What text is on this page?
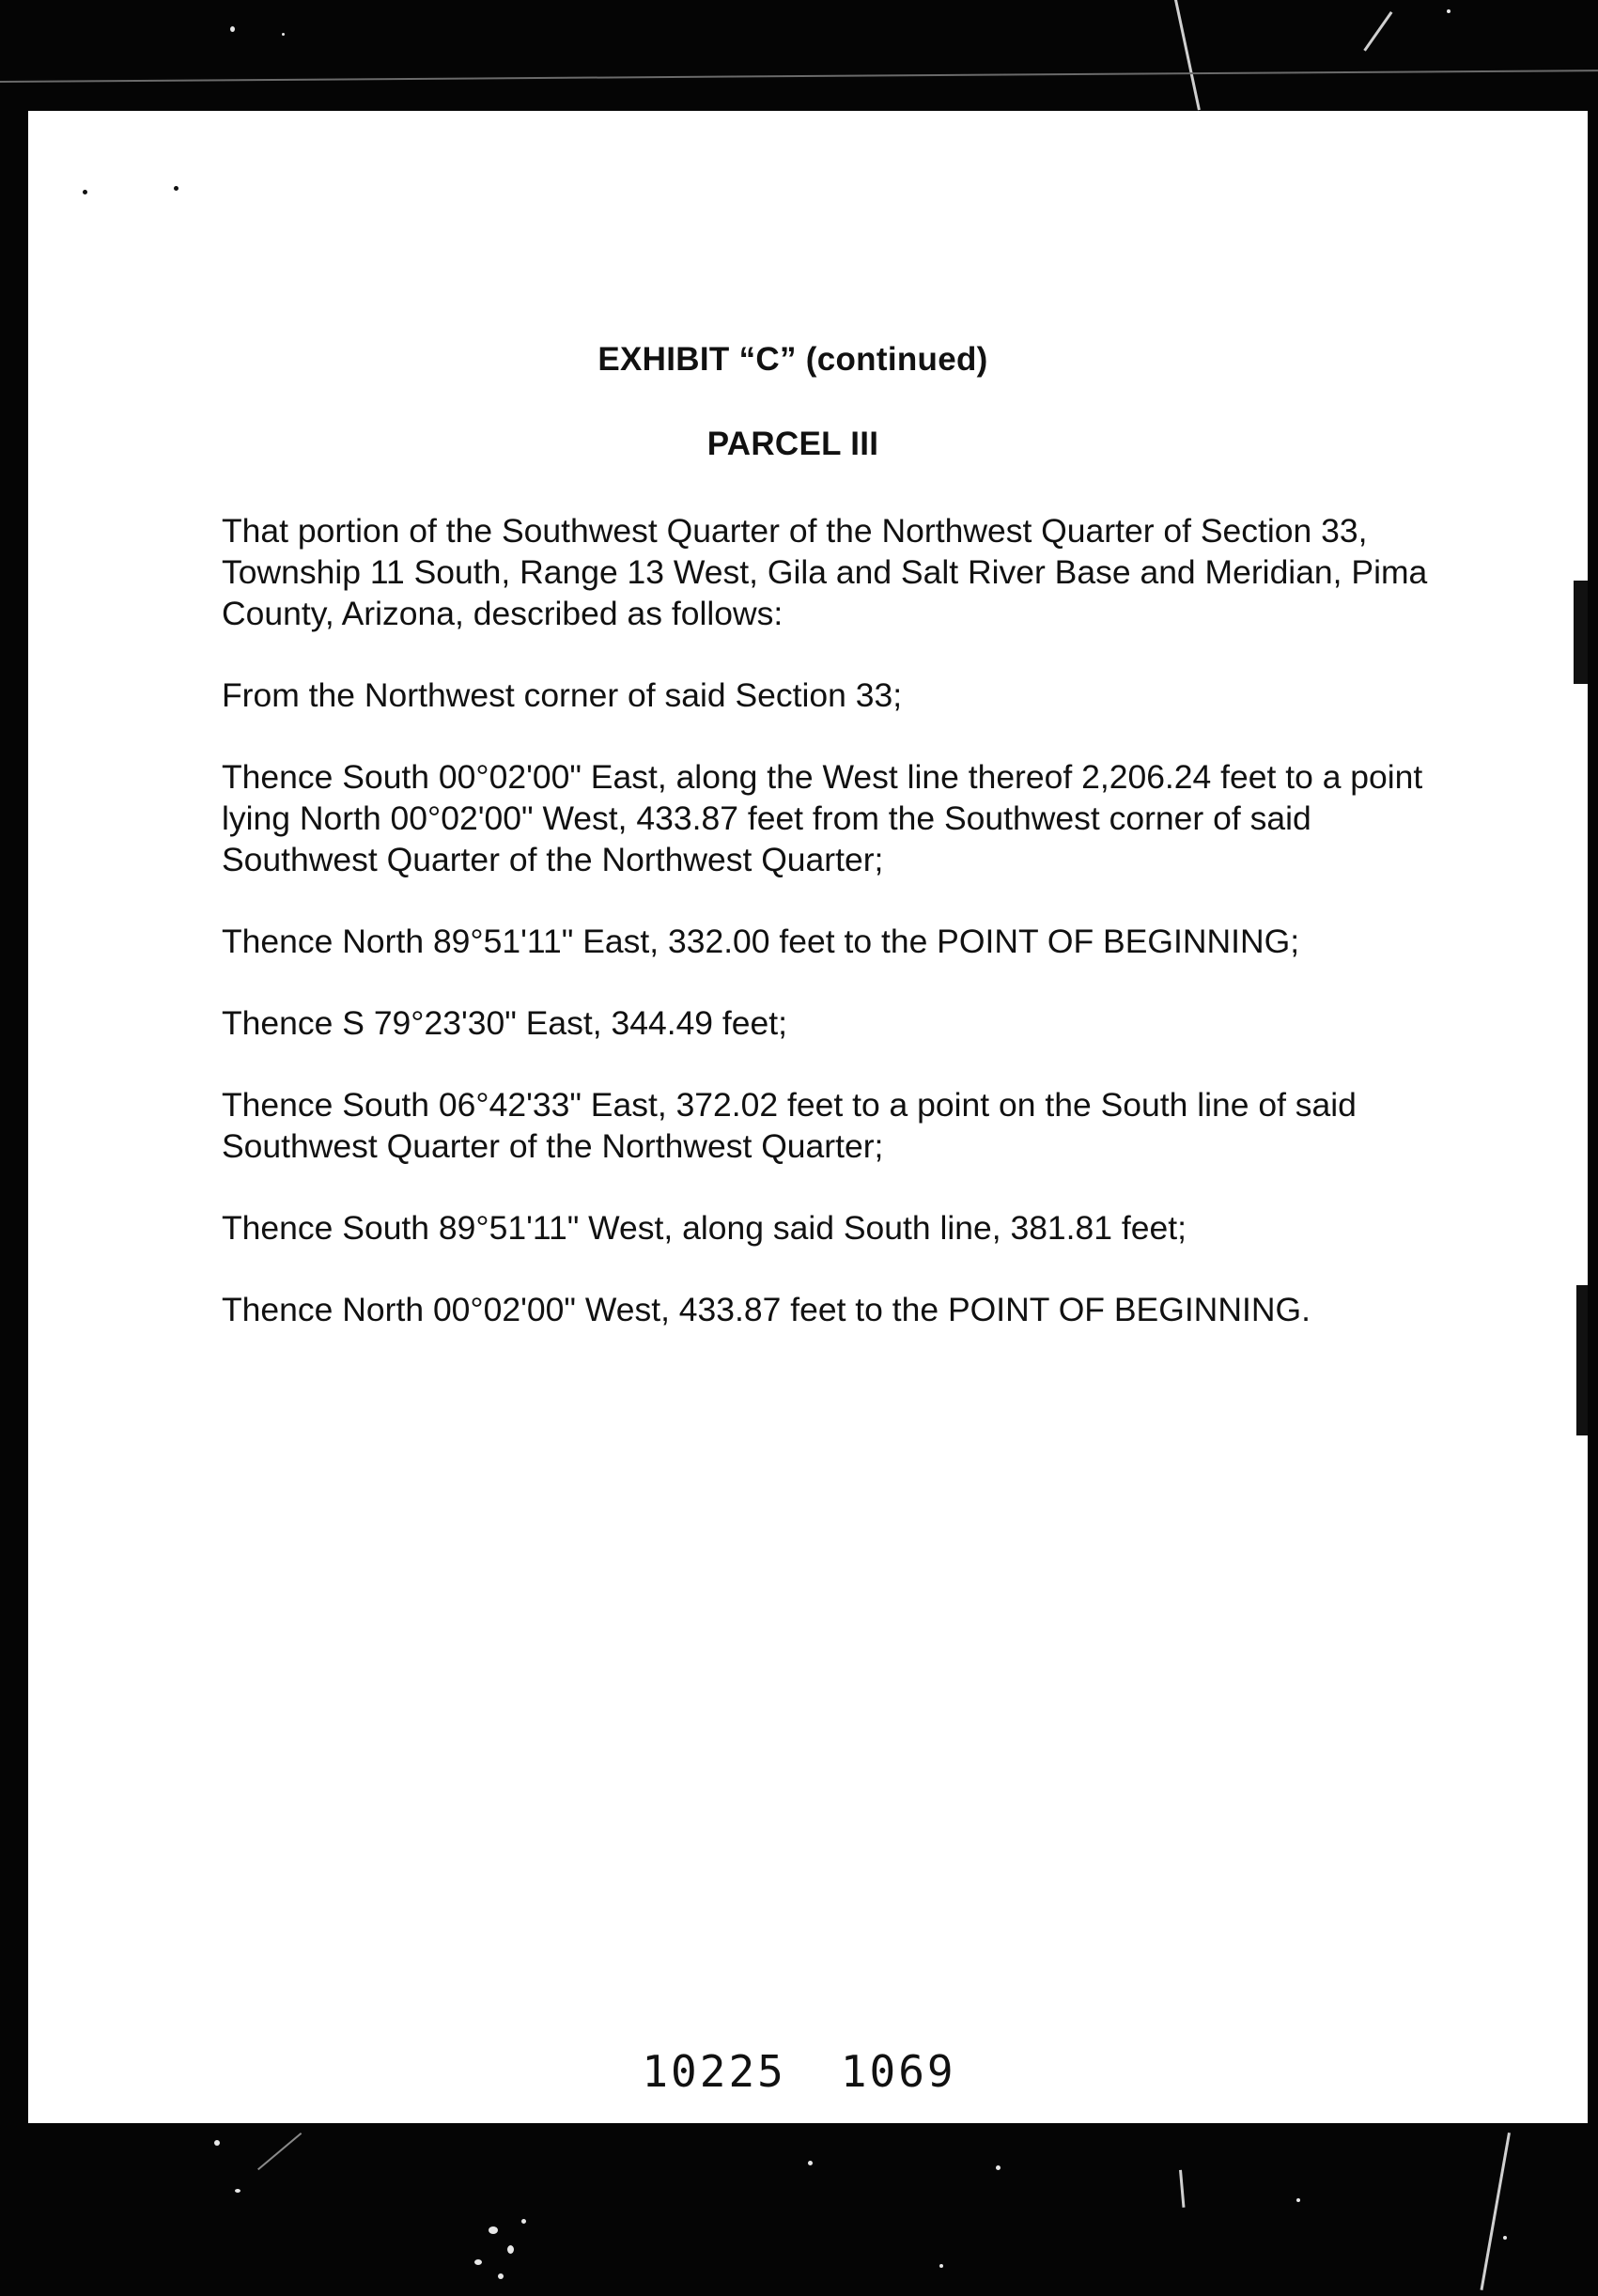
EXHIBIT “C” (continued)
PARCEL III

That portion of the Southwest Quarter of the Northwest Quarter of Section 33, Township 11 South, Range 13 West, Gila and Salt River Base and Meridian, Pima County, Arizona, described as follows:

From the Northwest corner of said Section 33;

Thence South 00°02'00" East, along the West line thereof 2,206.24 feet to a point lying North 00°02'00" West, 433.87 feet from the Southwest corner of said Southwest Quarter of the Northwest Quarter;

Thence North 89°51'11" East, 332.00 feet to the POINT OF BEGINNING;

Thence S 79°23'30" East, 344.49 feet;

Thence South 06°42'33" East, 372.02 feet to a point on the South line of said Southwest Quarter of the Northwest Quarter;

Thence South 89°51'11" West, along said South line, 381.81 feet;

Thence North 00°02'00" West, 433.87 feet to the POINT OF BEGINNING.

10225 1069
